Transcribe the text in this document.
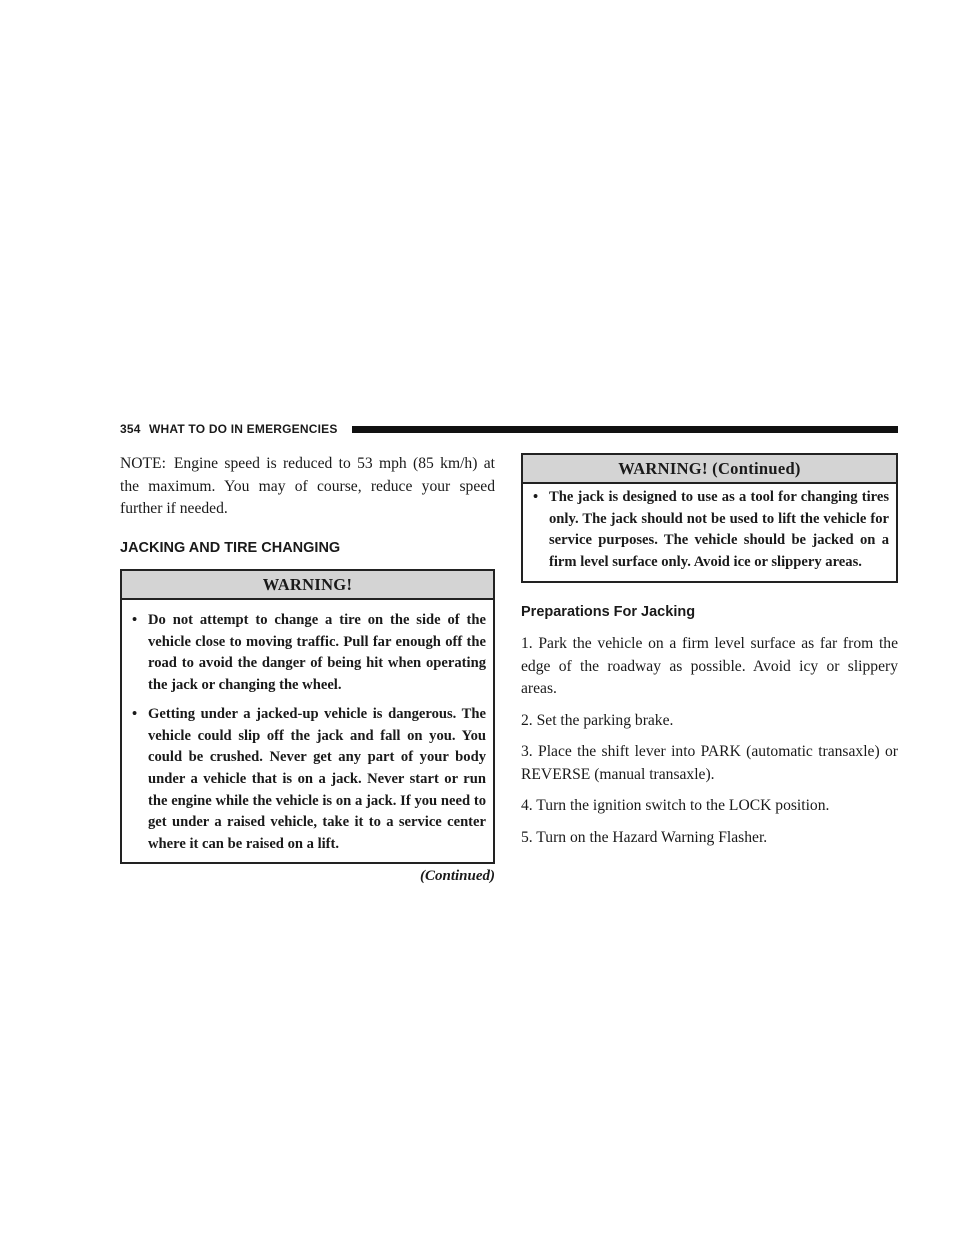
354 WHAT TO DO IN EMERGENCIES

NOTE: Engine speed is reduced to 53 mph (85 km/h) at the maximum. You may of course, reduce your speed further if needed.

JACKING AND TIRE CHANGING
WARNING!
• Do not attempt to change a tire on the side of the vehicle close to moving traffic. Pull far enough off the road to avoid the danger of being hit when operating the jack or changing the wheel.
• Getting under a jacked-up vehicle is dangerous. The vehicle could slip off the jack and fall on you. You could be crushed. Never get any part of your body under a vehicle that is on a jack. Never start or run the engine while the vehicle is on a jack. If you need to get under a raised vehicle, take it to a service center where it can be raised on a lift.
(Continued)
WARNING! (Continued)
• The jack is designed to use as a tool for changing tires only. The jack should not be used to lift the vehicle for service purposes. The vehicle should be jacked on a firm level surface only. Avoid ice or slippery areas.
Preparations For Jacking

1. Park the vehicle on a firm level surface as far from the edge of the roadway as possible. Avoid icy or slippery areas.

2. Set the parking brake.

3. Place the shift lever into PARK (automatic transaxle) or REVERSE (manual transaxle).

4. Turn the ignition switch to the LOCK position.

5. Turn on the Hazard Warning Flasher.
